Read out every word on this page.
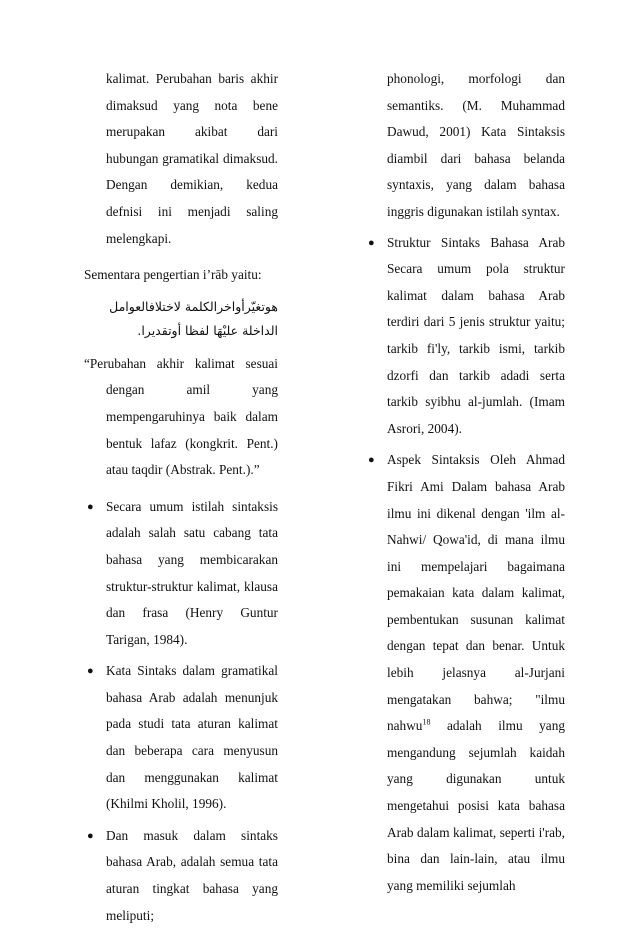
kalimat. Perubahan baris akhir dimaksud yang nota bene merupakan akibat dari hubungan gramatikal dimaksud. Dengan demikian, kedua defnisi ini menjadi saling melengkapi.

Sementara pengertian i’rāb yaitu:

هوتغيّرأواخرالكلمة لاختلافالعوامل الداخلة عليْهَا لفظا أوتقديرا.

“Perubahan akhir kalimat sesuai dengan amil yang mempengaruhinya baik dalam bentuk lafaz (kongkrit. Pent.) atau taqdir (Abstrak. Pent.).”

● Secara umum istilah sintaksis adalah salah satu cabang tata bahasa yang membicarakan struktur-struktur kalimat, klausa dan frasa (Henry Guntur Tarigan, 1984).
● Kata Sintaks dalam gramatikal bahasa Arab adalah menunjuk pada studi tata aturan kalimat dan beberapa cara menyusun dan menggunakan kalimat (Khilmi Kholil, 1996).
● Dan masuk dalam sintaks bahasa Arab, adalah semua tata aturan tingkat bahasa yang meliputi;

phonologi, morfologi dan semantiks. (M. Muhammad Dawud, 2001) Kata Sintaksis diambil dari bahasa belanda syntaxis, yang dalam bahasa inggris digunakan istilah syntax.

● Struktur Sintaks Bahasa Arab Secara umum pola struktur kalimat dalam bahasa Arab terdiri dari 5 jenis struktur yaitu; tarkib fi'ly, tarkib ismi, tarkib dzorfi dan tarkib adadi serta tarkib syibhu al-jumlah. (Imam Asrori, 2004).
● Aspek Sintaksis Oleh Ahmad Fikri Ami Dalam bahasa Arab ilmu ini dikenal dengan 'ilm al-Nahwi/ Qowa'id, di mana ilmu ini mempelajari bagaimana pemakaian kata dalam kalimat, pembentukan susunan kalimat dengan tepat dan benar. Untuk lebih jelasnya al-Jurjani mengatakan bahwa; "ilmu nahwu$^{18}$ adalah ilmu yang mengandung sejumlah kaidah yang digunakan untuk mengetahui posisi kata bahasa Arab dalam kalimat, seperti i'rab, bina dan lain-lain, atau ilmu yang memiliki sejumlah
